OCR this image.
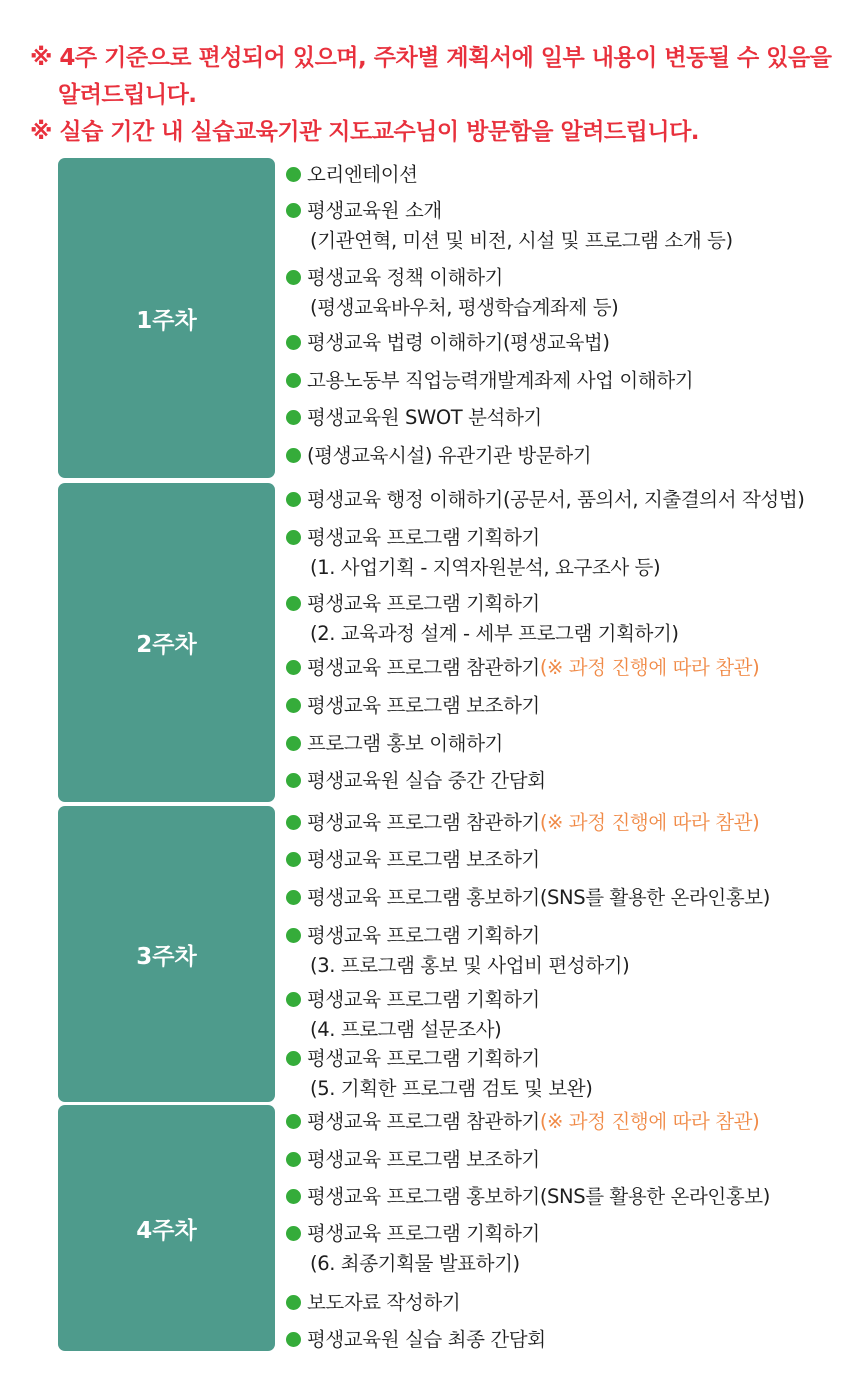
※ 4주 기준으로 편성되어 있으며, 주차별 계획서에 일부 내용이 변동될 수 있음을
알려드립니다.
※ 실습 기간 내 실습교육기관 지도교수님이 방문함을 알려드립니다.
1주차
오리엔테이션
평생교육원 소개
(기관연혁, 미션 및 비전, 시설 및 프로그램 소개 등)
평생교육 정책 이해하기
(평생교육바우처, 평생학습계좌제 등)
평생교육 법령 이해하기(평생교육법)
고용노동부 직업능력개발계좌제 사업 이해하기
평생교육원 SWOT 분석하기
(평생교육시설) 유관기관 방문하기
2주차
평생교육 행정 이해하기(공문서, 품의서, 지출결의서 작성법)
평생교육 프로그램 기획하기
(1. 사업기획 - 지역자원분석, 요구조사 등)
평생교육 프로그램 기획하기
(2. 교육과정 설계 - 세부 프로그램 기획하기)
평생교육 프로그램 참관하기(※ 과정 진행에 따라 참관)
평생교육 프로그램 보조하기
프로그램 홍보 이해하기
평생교육원 실습 중간 간담회
3주차
평생교육 프로그램 참관하기(※ 과정 진행에 따라 참관)
평생교육 프로그램 보조하기
평생교육 프로그램 홍보하기(SNS를 활용한 온라인홍보)
평생교육 프로그램 기획하기
(3. 프로그램 홍보 및 사업비 편성하기)
평생교육 프로그램 기획하기
(4. 프로그램 설문조사)
평생교육 프로그램 기획하기
(5. 기획한 프로그램 검토 및 보완)
4주차
평생교육 프로그램 참관하기(※ 과정 진행에 따라 참관)
평생교육 프로그램 보조하기
평생교육 프로그램 홍보하기(SNS를 활용한 온라인홍보)
평생교육 프로그램 기획하기
(6. 최종기획물 발표하기)
보도자료 작성하기
평생교육원 실습 최종 간담회
